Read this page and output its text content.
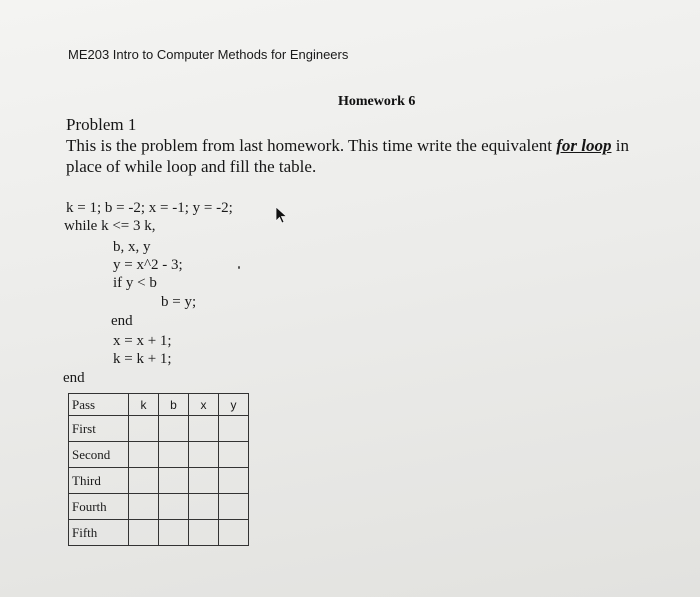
ME203 Intro to Computer Methods for Engineers
Homework 6
Problem 1
This is the problem from last homework. This time write the equivalent for loop in
place of while loop and fill the table.
k = 1; b = -2; x = -1; y = -2;
while k <= 3 k,
b, x, y
y = x^2 - 3;
if y < b
b = y;
end
x = x + 1;
k = k + 1;
end
Pass	k	b	x	y
First				
Second				
Third				
Fourth				
Fifth				
